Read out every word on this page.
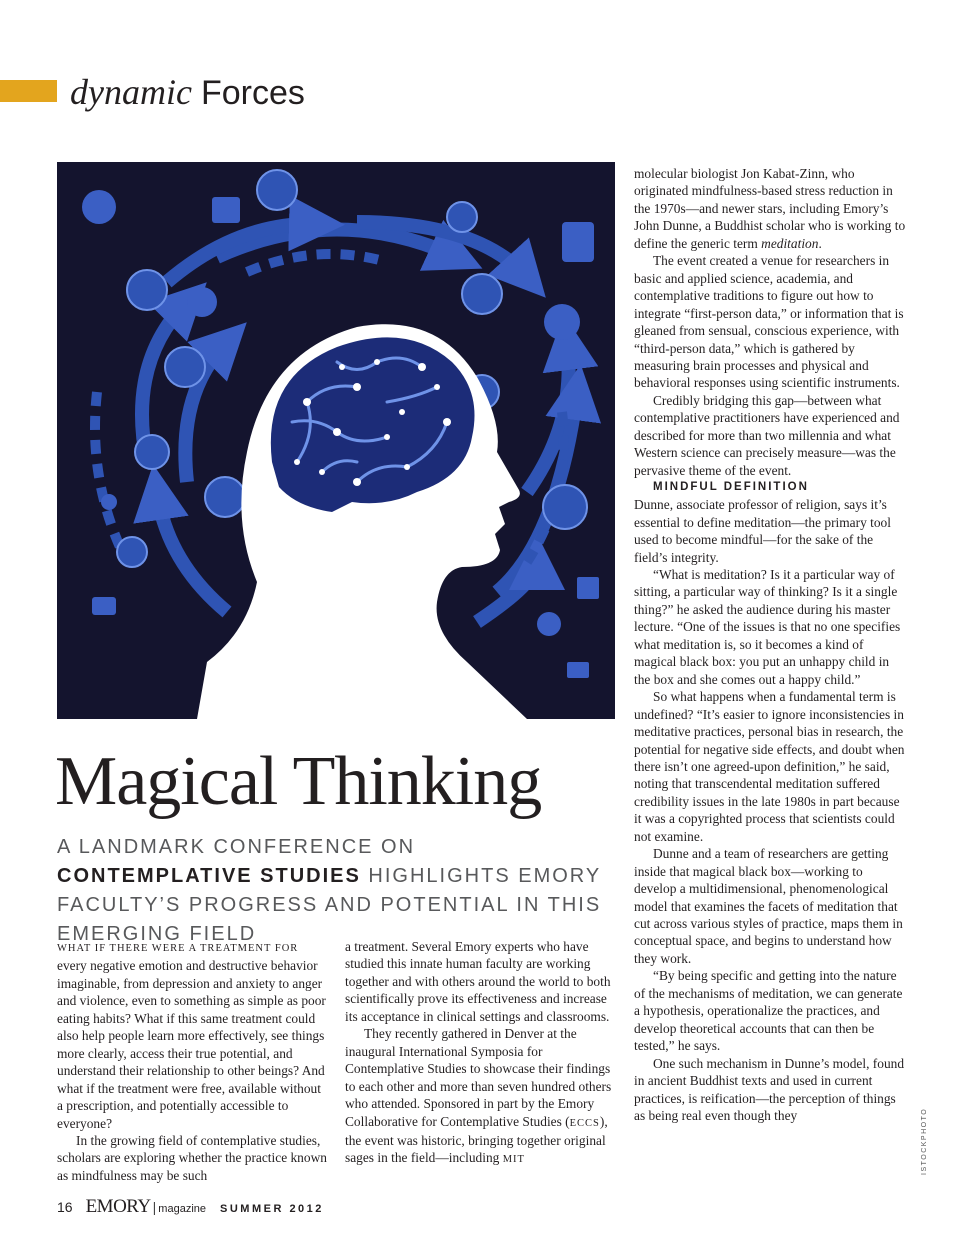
dynamic Forces
Magical Thinking
A LANDMARK CONFERENCE ON CONTEMPLATIVE STUDIES HIGHLIGHTS EMORY FACULTY’S PROGRESS AND POTENTIAL IN THIS EMERGING FIELD

WHAT IF THERE WERE A TREATMENT FOR every negative emotion and destructive behavior imaginable, from depression and anxiety to anger and violence, even to something as simple as poor eating habits? What if this same treatment could also help people learn more effectively, see things more clearly, access their true potential, and understand their relationship to other beings? And what if the treatment were free, available without a prescription, and potentially accessible to everyone?

In the growing field of contemplative studies, scholars are exploring whether the practice known as mindfulness may be such

a treatment. Several Emory experts who have studied this innate human faculty are working together and with others around the world to both scientifically prove its effectiveness and increase its acceptance in clinical settings and classrooms.

They recently gathered in Denver at the inaugural International Symposia for Contemplative Studies to showcase their findings to each other and more than seven hundred others who attended. Sponsored in part by the Emory Collaborative for Contemplative Studies (ECCS), the event was historic, bringing together original sages in the field—including MIT

molecular biologist Jon Kabat-Zinn, who originated mindfulness-based stress reduction in the 1970s—and newer stars, including Emory’s John Dunne, a Buddhist scholar who is working to define the generic term meditation.

The event created a venue for researchers in basic and applied science, academia, and contemplative traditions to figure out how to integrate “first-person data,” or information that is gleaned from sensual, conscious experience, with “third-person data,” which is gathered by measuring brain processes and physical and behavioral responses using scientific instruments.

Credibly bridging this gap—between what contemplative practitioners have experienced and described for more than two millennia and what Western science can precisely measure—was the pervasive theme of the event.

MINDFUL DEFINITION

Dunne, associate professor of religion, says it’s essential to define meditation—the primary tool used to become mindful—for the sake of the field’s integrity.

“What is meditation? Is it a particular way of sitting, a particular way of thinking? Is it a single thing?” he asked the audience during his master lecture. “One of the issues is that no one specifies what meditation is, so it becomes a kind of magical black box: you put an unhappy child in the box and she comes out a happy child.”

So what happens when a fundamental term is undefined? “It’s easier to ignore inconsistencies in meditative practices, personal bias in research, the potential for negative side effects, and doubt when there isn’t one agreed-upon definition,” he said, noting that transcendental meditation suffered credibility issues in the late 1980s in part because it was a copyrighted process that scientists could not examine.

Dunne and a team of researchers are getting inside that magical black box—working to develop a multidimensional, phenomenological model that examines the facets of meditation that cut across various styles of practice, maps them in conceptual space, and begins to understand how they work.

“By being specific and getting into the nature of the mechanisms of meditation, we can generate a hypothesis, operationalize the practices, and develop theoretical accounts that can then be tested,” he says.

One such mechanism in Dunne’s model, found in ancient Buddhist texts and used in current practices, is reification—the perception of things as being real even though they	ISTOCKPHOTO
16 EMORY | magazine SUMMER 2012
